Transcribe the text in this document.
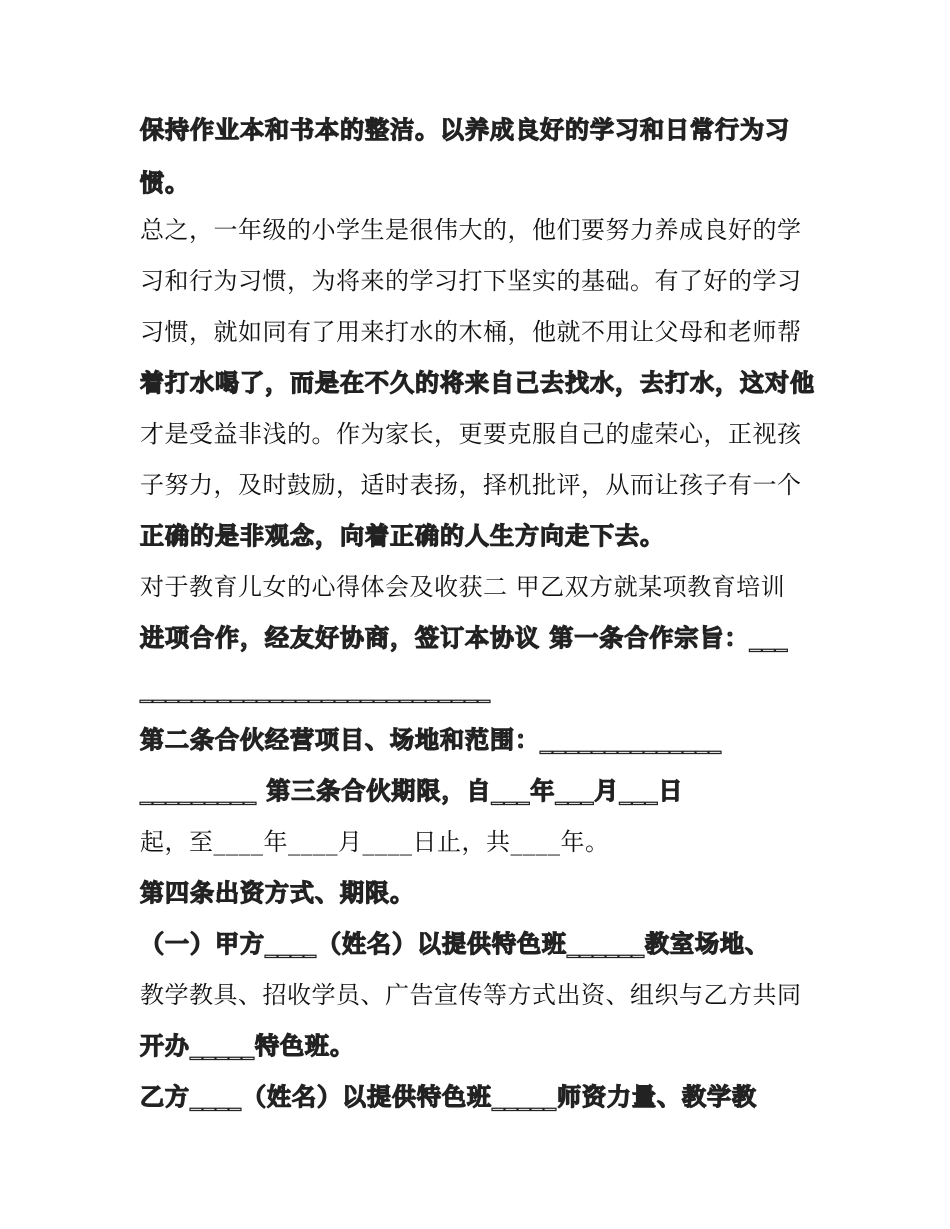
保持作业本和书本的整洁。以养成良好的学习和日常行为习
惯。
总之，一年级的小学生是很伟大的，他们要努力养成良好的学
习和行为习惯，为将来的学习打下坚实的基础。有了好的学习
习惯，就如同有了用来打水的木桶，他就不用让父母和老师帮
着打水喝了，而是在不久的将来自己去找水，去打水，这对他
才是受益非浅的。作为家长，更要克服自己的虚荣心，正视孩
子努力，及时鼓励，适时表扬，择机批评，从而让孩子有一个
正确的是非观念，向着正确的人生方向走下去。
对于教育儿女的心得体会及收获二 甲乙双方就某项教育培训
进项合作，经友好协商，签订本协议 第一条合作宗旨：___
___________________________
第二条合伙经营项目、场地和范围：______________
_________ 第三条合伙期限，自___年___月___日
起，至____年____月____日止，共____年。
第四条出资方式、期限。
（一）甲方____（姓名）以提供特色班______教室场地、
教学教具、招收学员、广告宣传等方式出资、组织与乙方共同
开办_____特色班。
乙方____（姓名）以提供特色班_____师资力量、教学教
